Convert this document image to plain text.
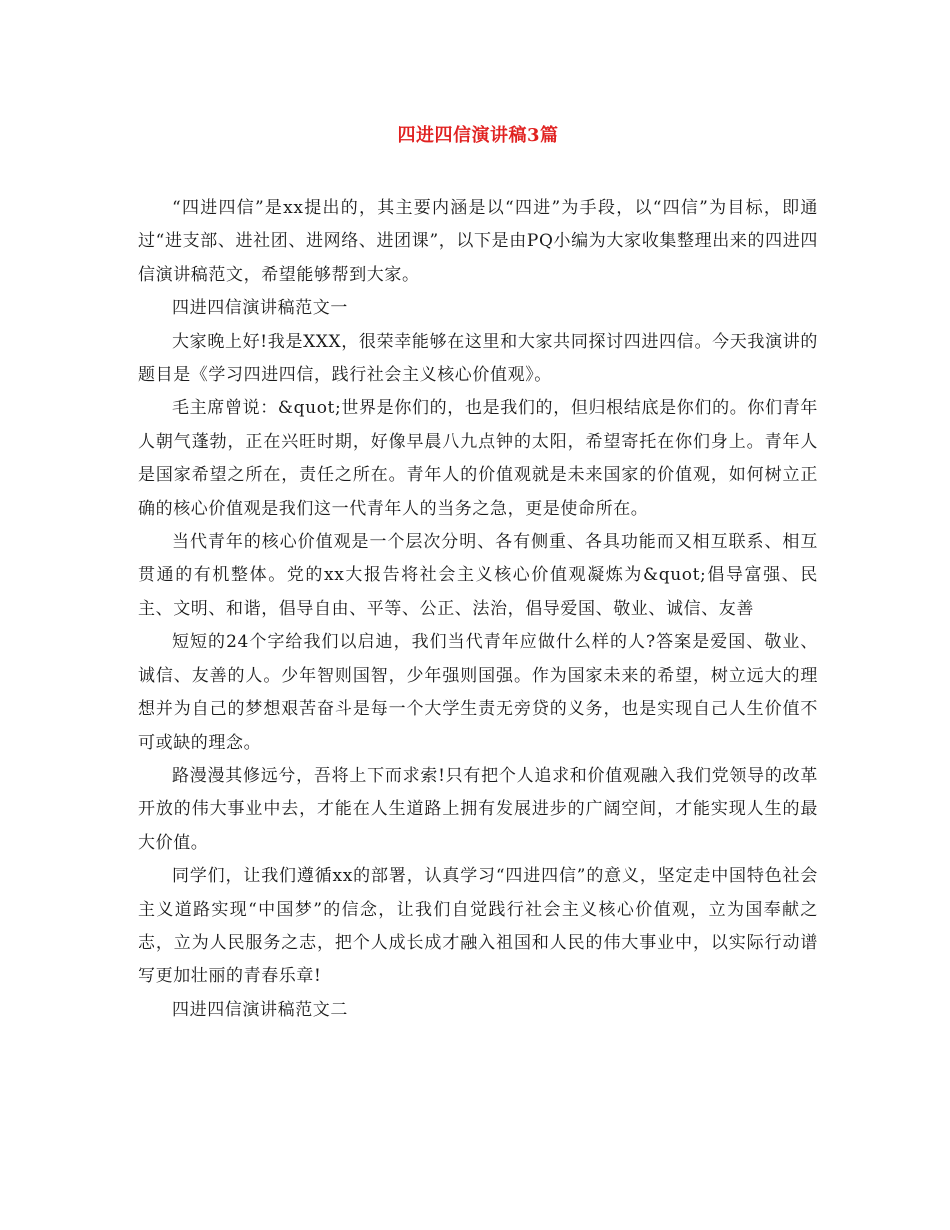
四进四信演讲稿3篇

“四进四信”是xx提出的，其主要内涵是以“四进”为手段，以“四信”为目标，即通过“进支部、进社团、进网络、进团课”，以下是由PQ小编为大家收集整理出来的四进四信演讲稿范文，希望能够帮到大家。

四进四信演讲稿范文一

大家晚上好!我是XXX，很荣幸能够在这里和大家共同探讨四进四信。今天我演讲的题目是《学习四进四信，践行社会主义核心价值观》。

毛主席曾说：&quot;世界是你们的，也是我们的，但归根结底是你们的。你们青年人朝气蓬勃，正在兴旺时期，好像早晨八九点钟的太阳，希望寄托在你们身上。青年人是国家希望之所在，责任之所在。青年人的价值观就是未来国家的价值观，如何树立正确的核心价值观是我们这一代青年人的当务之急，更是使命所在。

当代青年的核心价值观是一个层次分明、各有侧重、各具功能而又相互联系、相互贯通的有机整体。党的xx大报告将社会主义核心价值观凝炼为&quot;倡导富强、民主、文明、和谐，倡导自由、平等、公正、法治，倡导爱国、敬业、诚信、友善

短短的24个字给我们以启迪，我们当代青年应做什么样的人?答案是爱国、敬业、诚信、友善的人。少年智则国智，少年强则国强。作为国家未来的希望，树立远大的理想并为自己的梦想艰苦奋斗是每一个大学生责无旁贷的义务，也是实现自己人生价值不可或缺的理念。

路漫漫其修远兮，吾将上下而求索!只有把个人追求和价值观融入我们党领导的改革开放的伟大事业中去，才能在人生道路上拥有发展进步的广阔空间，才能实现人生的最大价值。

同学们，让我们遵循xx的部署，认真学习“四进四信”的意义，坚定走中国特色社会主义道路实现“中国梦”的信念，让我们自觉践行社会主义核心价值观，立为国奉献之志，立为人民服务之志，把个人成长成才融入祖国和人民的伟大事业中，以实际行动谱写更加壮丽的青春乐章!

四进四信演讲稿范文二
